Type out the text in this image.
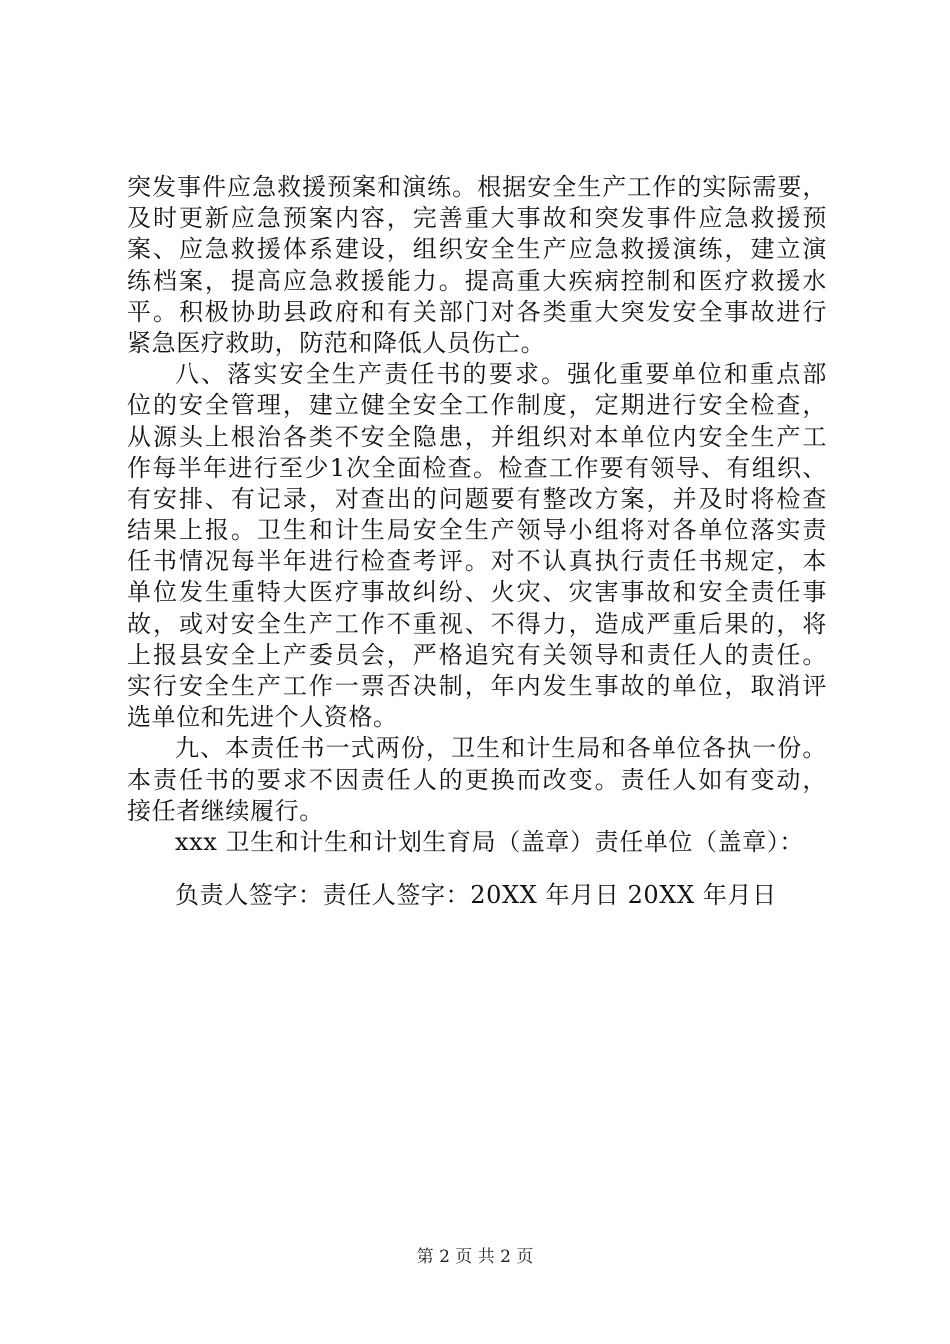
突发事件应急救援预案和演练。根据安全生产工作的实际需要，
及时更新应急预案内容，完善重大事故和突发事件应急救援预
案、应急救援体系建设，组织安全生产应急救援演练，建立演
练档案，提高应急救援能力。提高重大疾病控制和医疗救援水
平。积极协助县政府和有关部门对各类重大突发安全事故进行
紧急医疗救助，防范和降低人员伤亡。
八、落实安全生产责任书的要求。强化重要单位和重点部
位的安全管理，建立健全安全工作制度，定期进行安全检查，
从源头上根治各类不安全隐患，并组织对本单位内安全生产工
作每半年进行至少1次全面检查。检查工作要有领导、有组织、
有安排、有记录，对查出的问题要有整改方案，并及时将检查
结果上报。卫生和计生局安全生产领导小组将对各单位落实责
任书情况每半年进行检查考评。对不认真执行责任书规定，本
单位发生重特大医疗事故纠纷、火灾、灾害事故和安全责任事
故，或对安全生产工作不重视、不得力，造成严重后果的，将
上报县安全上产委员会，严格追究有关领导和责任人的责任。
实行安全生产工作一票否决制，年内发生事故的单位，取消评
选单位和先进个人资格。
九、本责任书一式两份，卫生和计生局和各单位各执一份。
本责任书的要求不因责任人的更换而改变。责任人如有变动，
接任者继续履行。
xxx 卫生和计生和计划生育局（盖章）责任单位（盖章）：
负责人签字：责任人签字：20XX 年月日 20XX 年月日
第 2 页 共 2 页
